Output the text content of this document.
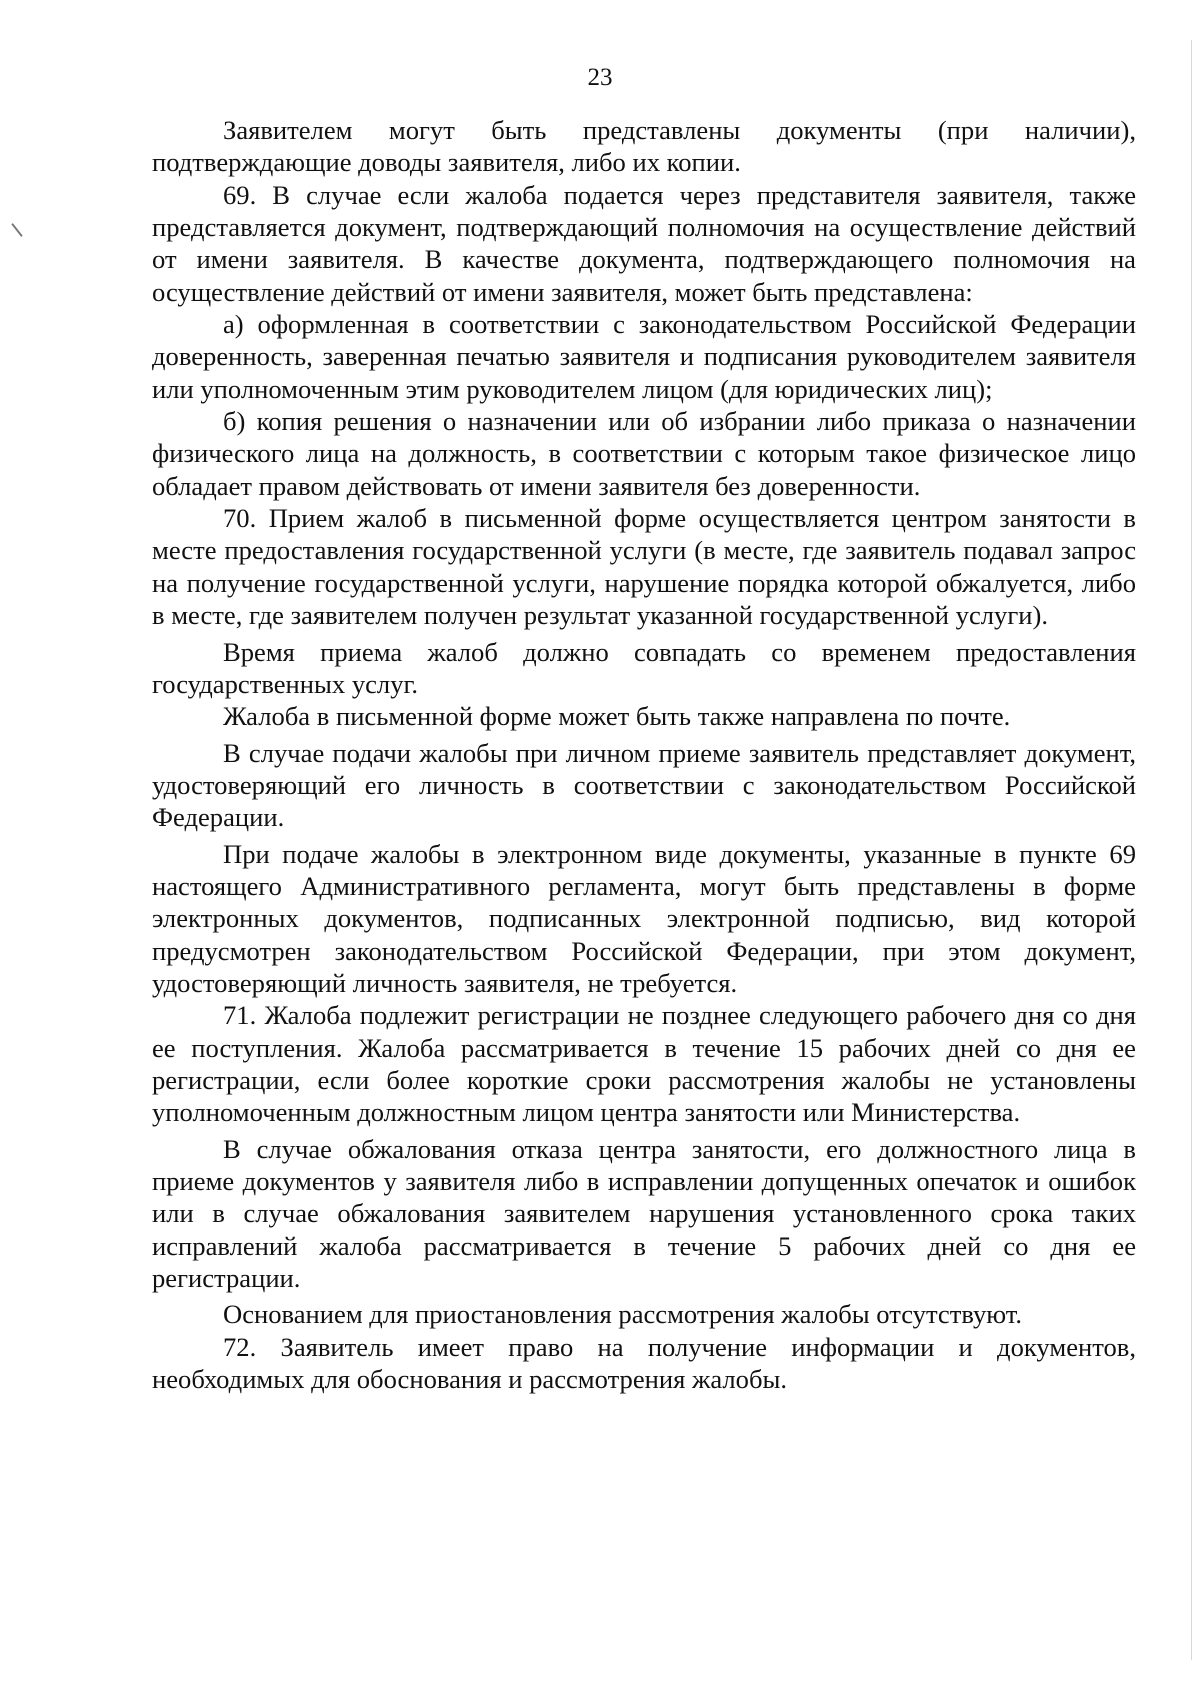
23

Заявителем могут быть представлены документы (при наличии), подтверждающие доводы заявителя, либо их копии.

69. В случае если жалоба подается через представителя заявителя, также представляется документ, подтверждающий полномочия на осуществление действий от имени заявителя. В качестве документа, подтверждающего полномочия на осуществление действий от имени заявителя, может быть представлена:

а) оформленная в соответствии с законодательством Российской Федерации доверенность, заверенная печатью заявителя и подписания руководителем заявителя или уполномоченным этим руководителем лицом (для юридических лиц);

б) копия решения о назначении или об избрании либо приказа о назначении физического лица на должность, в соответствии с которым такое физическое лицо обладает правом действовать от имени заявителя без доверенности.

70. Прием жалоб в письменной форме осуществляется центром занятости в месте предоставления государственной услуги (в месте, где заявитель подавал запрос на получение государственной услуги, нарушение порядка которой обжалуется, либо в месте, где заявителем получен результат указанной государственной услуги).

Время приема жалоб должно совпадать со временем предоставления государственных услуг.

Жалоба в письменной форме может быть также направлена по почте.

В случае подачи жалобы при личном приеме заявитель представляет документ, удостоверяющий его личность в соответствии с законодательством Российской Федерации.

При подаче жалобы в электронном виде документы, указанные в пункте 69 настоящего Административного регламента, могут быть представлены в форме электронных документов, подписанных электронной подписью, вид которой предусмотрен законодательством Российской Федерации, при этом документ, удостоверяющий личность заявителя, не требуется.

71. Жалоба подлежит регистрации не позднее следующего рабочего дня со дня ее поступления. Жалоба рассматривается в течение 15 рабочих дней со дня ее регистрации, если более короткие сроки рассмотрения жалобы не установлены уполномоченным должностным лицом центра занятости или Министерства.

В случае обжалования отказа центра занятости, его должностного лица в приеме документов у заявителя либо в исправлении допущенных опечаток и ошибок или в случае обжалования заявителем нарушения установленного срока таких исправлений жалоба рассматривается в течение 5 рабочих дней со дня ее регистрации.

Основанием для приостановления рассмотрения жалобы отсутствуют.

72. Заявитель имеет право на получение информации и документов, необходимых для обоснования и рассмотрения жалобы.
